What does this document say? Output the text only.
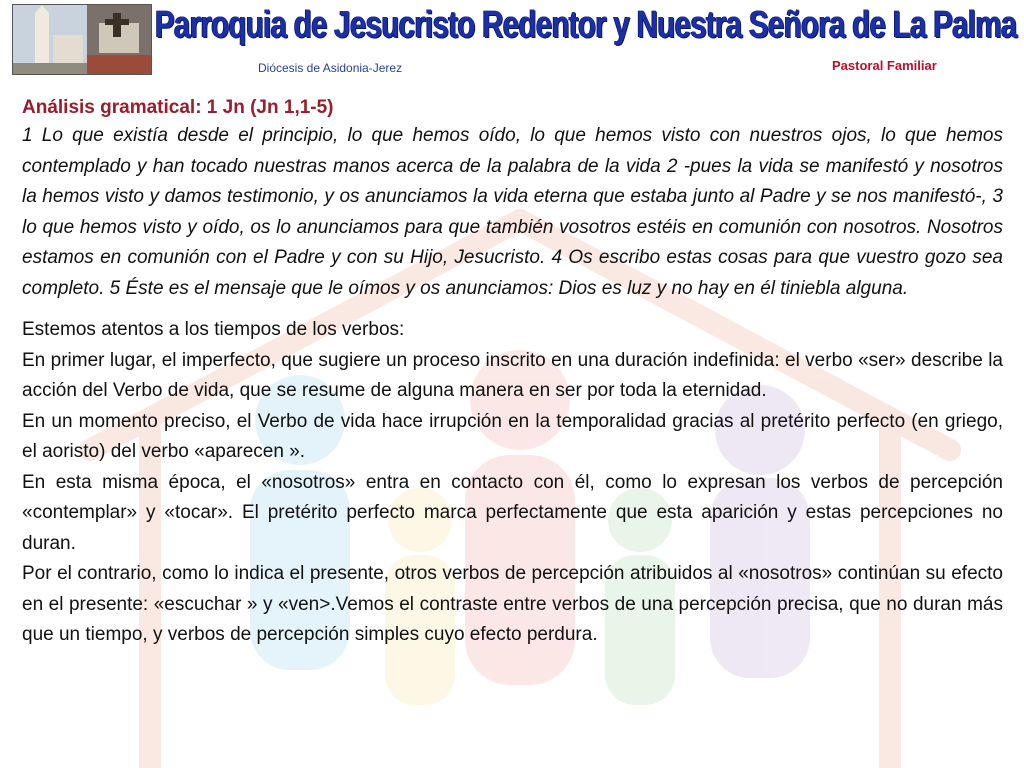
Parroquia de Jesucristo Redentor y Nuestra Señora de La Palma
Diócesis de Asidonia-Jerez	Pastoral Familiar

Análisis gramatical: 1 Jn (Jn 1,1-5)

1 Lo que existía desde el principio, lo que hemos oído, lo que hemos visto con nuestros ojos, lo que hemos contemplado y han tocado nuestras manos acerca de la palabra de la vida 2 -pues la vida se manifestó y nosotros la hemos visto y damos testimonio, y os anunciamos la vida eterna que estaba junto al Padre y se nos manifestó-, 3 lo que hemos visto y oído, os lo anunciamos para que también vosotros estéis en comunión con nosotros. Nosotros estamos en comunión con el Padre y con su Hijo, Jesucristo. 4 Os escribo estas cosas para que vuestro gozo sea completo. 5 Éste es el mensaje que le oímos y os anunciamos: Dios es luz y no hay en él tiniebla alguna.

Estemos atentos a los tiempos de los verbos:

En primer lugar, el imperfecto, que sugiere un proceso inscrito en una duración indefinida: el verbo «ser» describe la acción del Verbo de vida, que se resume de alguna manera en ser por toda la eternidad.

En un momento preciso, el Verbo de vida hace irrupción en la temporalidad gracias al pretérito perfecto (en griego, el aoristo) del verbo «aparecen ».

En esta misma época, el «nosotros» entra en contacto con él, como lo expresan los verbos de percepción «contemplar» y «tocar». El pretérito perfecto marca perfectamente que esta aparición y estas percepciones no duran.

Por el contrario, como lo indica el presente, otros verbos de percepción atribuidos al «nosotros» continúan su efecto en el presente: «escuchar » y «ven>.Vemos el contraste entre verbos de una percepción precisa, que no duran más que un tiempo, y verbos de percepción simples cuyo efecto perdura.
